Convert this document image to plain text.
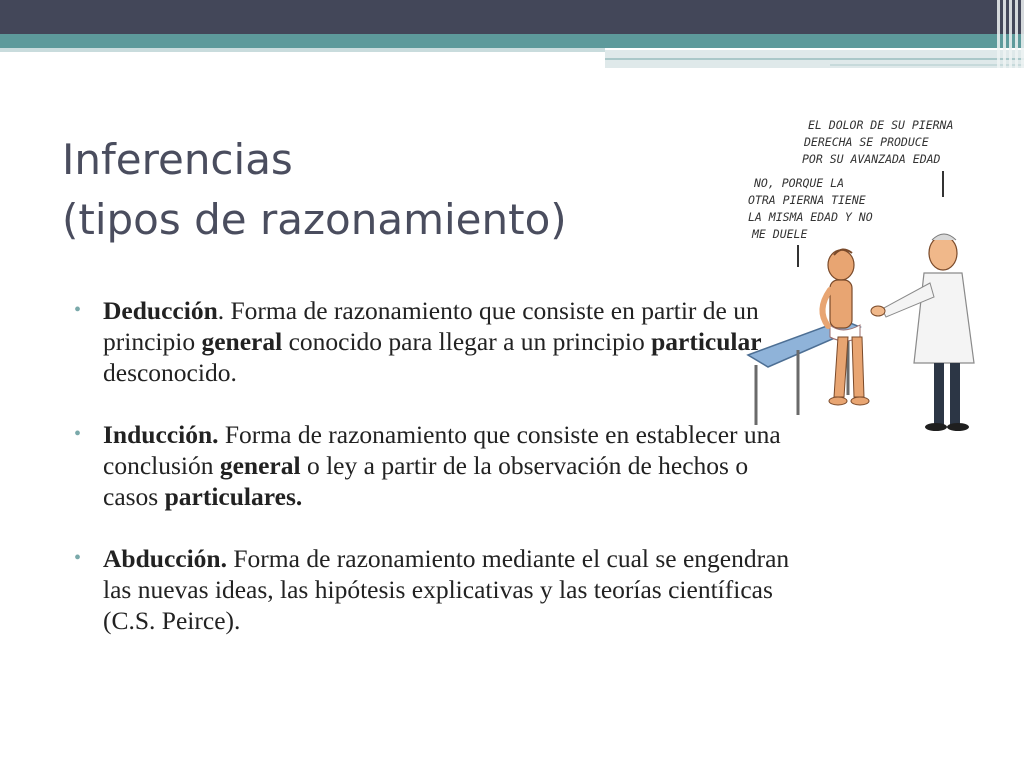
Inferencias
(tipos de razonamiento)
• Deducción. Forma de razonamiento que consiste en partir de un principio general conocido para llegar a un principio particular desconocido.
• Inducción. Forma de razonamiento que consiste en establecer una conclusión general o ley a partir de la observación de hechos o casos particulares.
• Abducción. Forma de razonamiento mediante el cual se engendran las nuevas ideas, las hipótesis explicativas y las teorías científicas (C.S. Peirce).
EL DOLOR DE SU PIERNA
DERECHA SE PRODUCE
POR SU AVANZADA EDAD
NO, PORQUE LA
OTRA PIERNA TIENE
LA MISMA EDAD Y NO
ME DUELE
